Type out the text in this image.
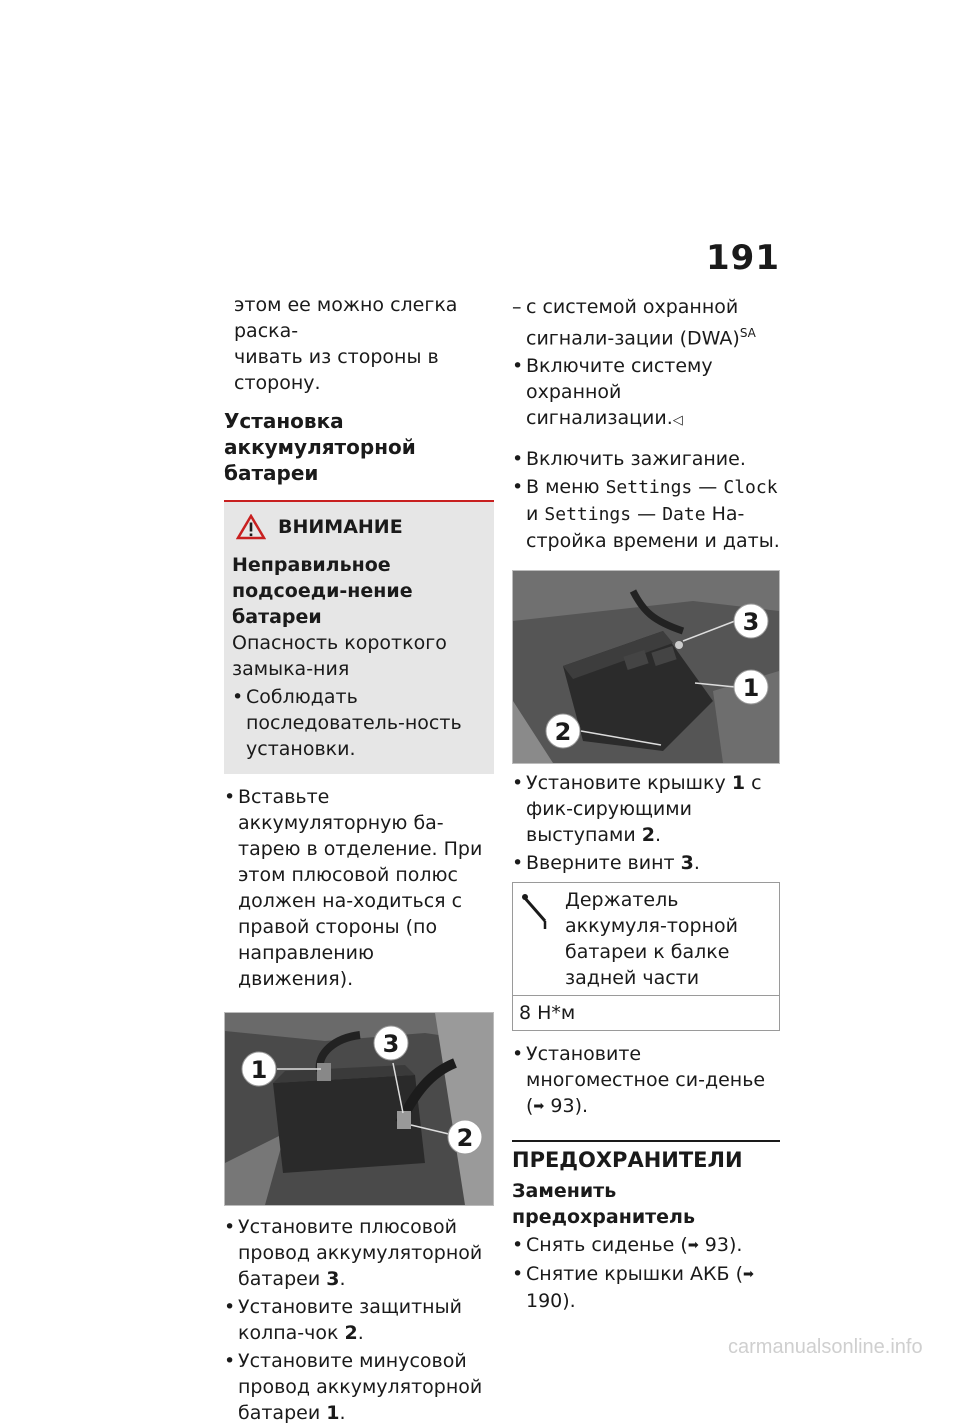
191

этом ее можно слегка раска-

чивать из стороны в сторону.

Установка аккумуляторной батареи

ВНИМАНИЕ

Неправильное подсоеди-нение батареи

Опасность короткого замыка-ния

• Соблюдать последователь-ность установки.
• Вставьте аккумуляторную ба-тарею в отделение. При этом плюсовой полюс должен на-ходиться с правой стороны (по направлению движения).
1
3
2
• Установите плюсовой провод аккумуляторной батареи 3.
• Установите защитный колпа-чок 2.
• Установите минусовой провод аккумуляторной батареи 1.
– с системой охранной сигнали-зации (DWA)$^{SA}$
• Включите систему охранной сигнализации.◁
• Включить зажигание.
• В меню Settings — Clock
и Settings — Date На-стройка времени и даты.
3
1
2
• Установите крышку 1 с фик-сирующими выступами 2.
• Вверните винт 3.
Держатель аккумуля-торной батареи к балке задней части
8 Н*м
• Установите многоместное си-денье (➡ 93).
ПРЕДОХРАНИТЕЛИ
Заменить предохранитель
• Снять сиденье (➡ 93).
• Снятие крышки АКБ (➡ 190).
carmanualsonline.info
